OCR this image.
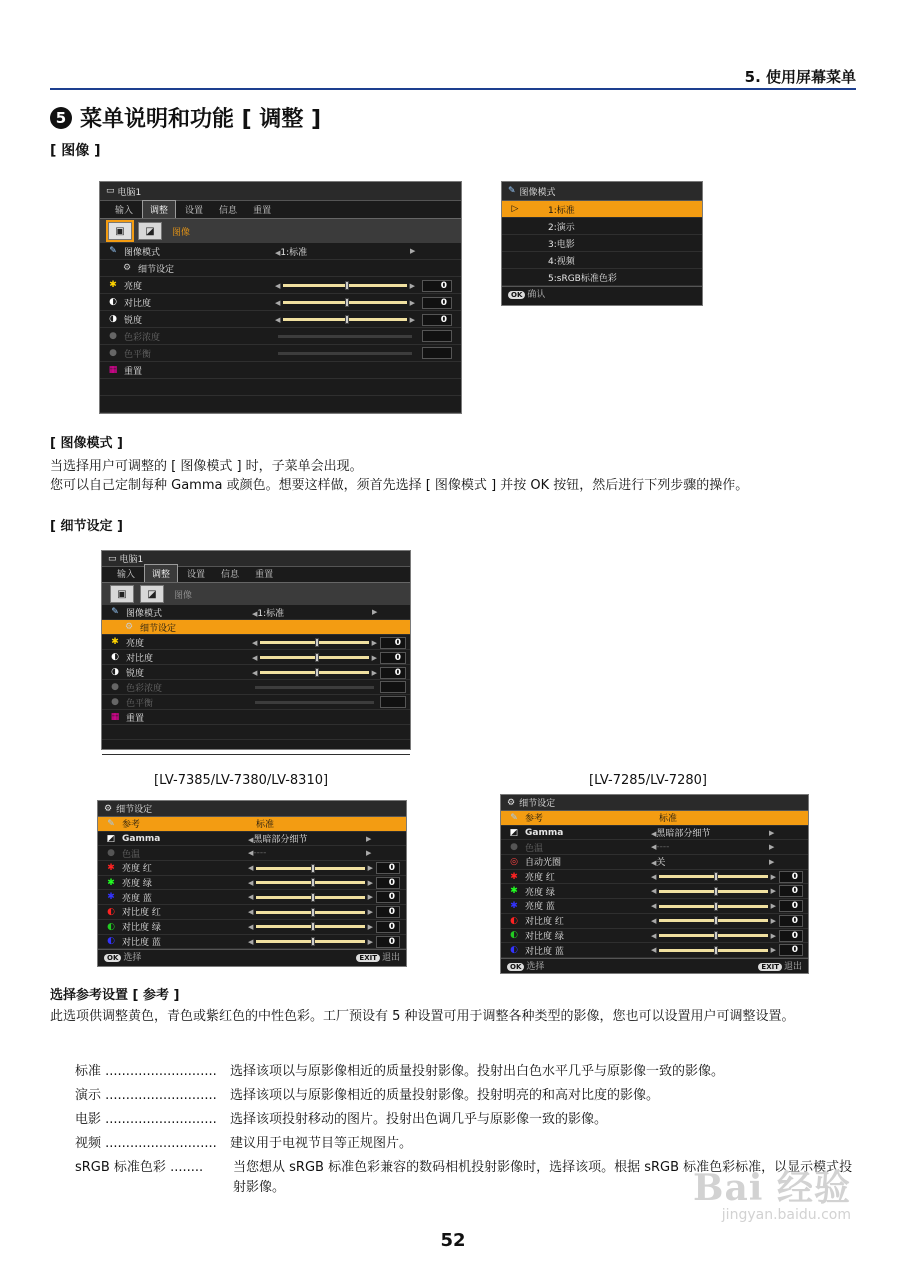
5. 使用屏幕菜单
5 菜单说明和功能 [ 调整 ]
[ 图像 ]
▭ 电脑1
输入	调整	设置	信息	重置
▣	◪	图像
✎ 图像模式	◀1:标准	▶
⚙ 细节设定
✱ 亮度	◀	▶	0
◐ 对比度	◀	▶	0
◑ 锐度	◀	▶	0
● 色彩浓度
● 色平衡
▦ 重置
✎ 图像模式
▷	1:标准
2:演示
3:电影
4:视频
5:sRGB标准色彩
OK 确认
[ 图像模式 ]
当选择用户可调整的 [ 图像模式 ] 时，子菜单会出现。
您可以自己定制每种 Gamma 或颜色。想要这样做，须首先选择 [ 图像模式 ] 并按 OK 按钮，然后进行下列步骤的操作。
[ 细节设定 ]
▭ 电脑1
输入	调整	设置	信息	重置
▣	◪	图像
✎ 图像模式	◀1:标准	▶
⚙ 细节设定
✱ 亮度	◀	▶	0
◐ 对比度	◀	▶	0
◑ 锐度	◀	▶	0
● 色彩浓度
● 色平衡
▦ 重置
[LV-7385/LV-7380/LV-8310]	[LV-7285/LV-7280]
⚙ 细节设定
✎ 参考	标准
◩ Gamma	◀黑暗部分细节	▶
● 色温	◀----	▶
✱ 亮度 红	◀	▶	0
✱ 亮度 绿	◀	▶	0
✱ 亮度 蓝	◀	▶	0
◐ 对比度 红	◀	▶	0
◐ 对比度 绿	◀	▶	0
◐ 对比度 蓝	◀	▶	0
OK 选择	EXIT 退出
⚙ 细节设定
✎ 参考	标准
◩ Gamma	◀黑暗部分细节	▶
● 色温	◀----	▶
◎ 自动光圈	◀关	▶
✱ 亮度 红	◀	▶	0
✱ 亮度 绿	◀	▶	0
✱ 亮度 蓝	◀	▶	0
◐ 对比度 红	◀	▶	0
◐ 对比度 绿	◀	▶	0
◐ 对比度 蓝	◀	▶	0
OK 选择	EXIT 退出
选择参考设置 [ 参考 ]
此选项供调整黄色，青色或紫红色的中性色彩。工厂预设有 5 种设置可用于调整各种类型的影像，您也可以设置用户可调整设置。
标准 ........................... 选择该项以与原影像相近的质量投射影像。投射出白色水平几乎与原影像一致的影像。
演示 ........................... 选择该项以与原影像相近的质量投射影像。投射明亮的和高对比度的影像。
电影 ........................... 选择该项投射移动的图片。投射出色调几乎与原影像一致的影像。
视频 ........................... 建议用于电视节目等正规图片。
sRGB 标准色彩 ........ 当您想从 sRGB 标准色彩兼容的数码相机投射影像时，选择该项。根据 sRGB 标准色彩标准，以显示模式投射影像。
52
Bai 经验
jingyan.baidu.com
